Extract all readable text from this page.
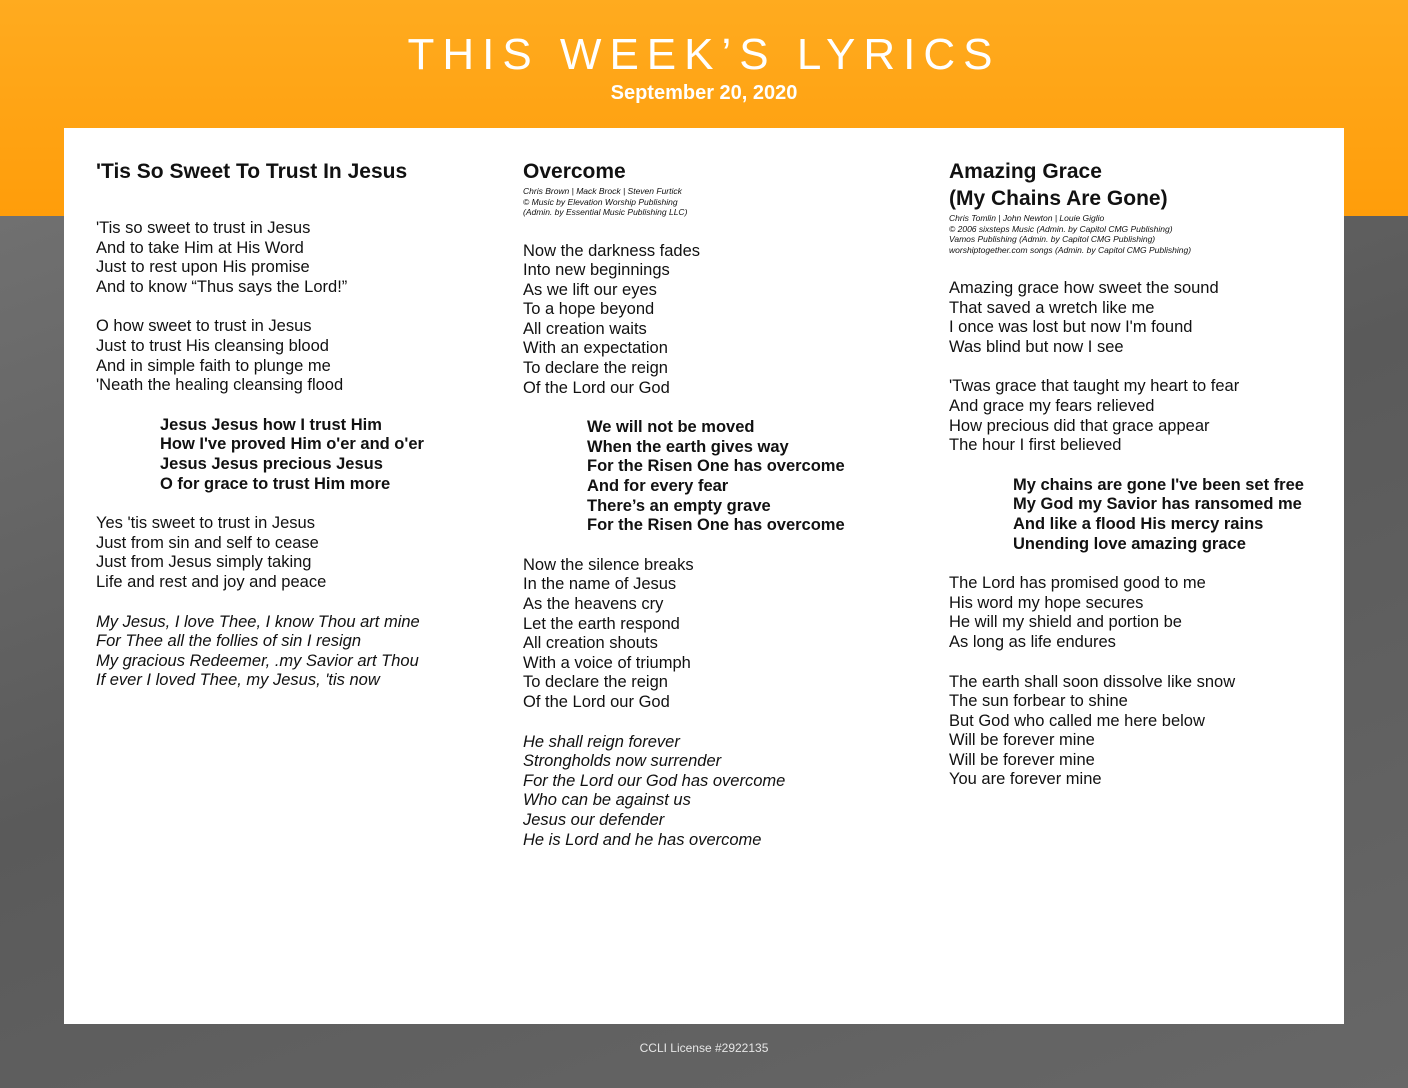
THIS WEEK’S LYRICS
September 20, 2020
'Tis So Sweet To Trust In Jesus
'Tis so sweet to trust in Jesus
And to take Him at His Word
Just to rest upon His promise
And to know “Thus says the Lord!”
O how sweet to trust in Jesus
Just to trust His cleansing blood
And in simple faith to plunge me
'Neath the healing cleansing flood
Jesus Jesus how I trust Him
How I've proved Him o'er and o'er
Jesus Jesus precious Jesus
O for grace to trust Him more
Yes 'tis sweet to trust in Jesus
Just from sin and self to cease
Just from Jesus simply taking
Life and rest and joy and peace
My Jesus, I love Thee, I know Thou art mine
For Thee all the follies of sin I resign
My gracious Redeemer, .my Savior art Thou
If ever I loved Thee, my Jesus, 'tis now
Overcome
Chris Brown | Mack Brock | Steven Furtick
© Music by Elevation Worship Publishing
(Admin. by Essential Music Publishing LLC)
Now the darkness fades
Into new beginnings
As we lift our eyes
To a hope beyond
All creation waits
With an expectation
To declare the reign
Of the Lord our God
We will not be moved
When the earth gives way
For the Risen One has overcome
And for every fear
There’s an empty grave
For the Risen One has overcome
Now the silence breaks
In the name of Jesus
As the heavens cry
Let the earth respond
All creation shouts
With a voice of triumph
To declare the reign
Of the Lord our God
He shall reign forever
Strongholds now surrender
For the Lord our God has overcome
Who can be against us
Jesus our defender
He is Lord and he has overcome
Amazing Grace
(My Chains Are Gone)
Chris Tomlin | John Newton | Louie Giglio
© 2006 sixsteps Music (Admin. by Capitol CMG Publishing)
Vamos Publishing (Admin. by Capitol CMG Publishing)
worshiptogether.com songs (Admin. by Capitol CMG Publishing)
Amazing grace how sweet the sound
That saved a wretch like me
I once was lost but now I'm found
Was blind but now I see
'Twas grace that taught my heart to fear
And grace my fears relieved
How precious did that grace appear
The hour I first believed
My chains are gone I've been set free
My God my Savior has ransomed me
And like a flood His mercy rains
Unending love amazing grace
The Lord has promised good to me
His word my hope secures
He will my shield and portion be
As long as life endures
The earth shall soon dissolve like snow
The sun forbear to shine
But God who called me here below
Will be forever mine
Will be forever mine
You are forever mine
CCLI License #2922135
